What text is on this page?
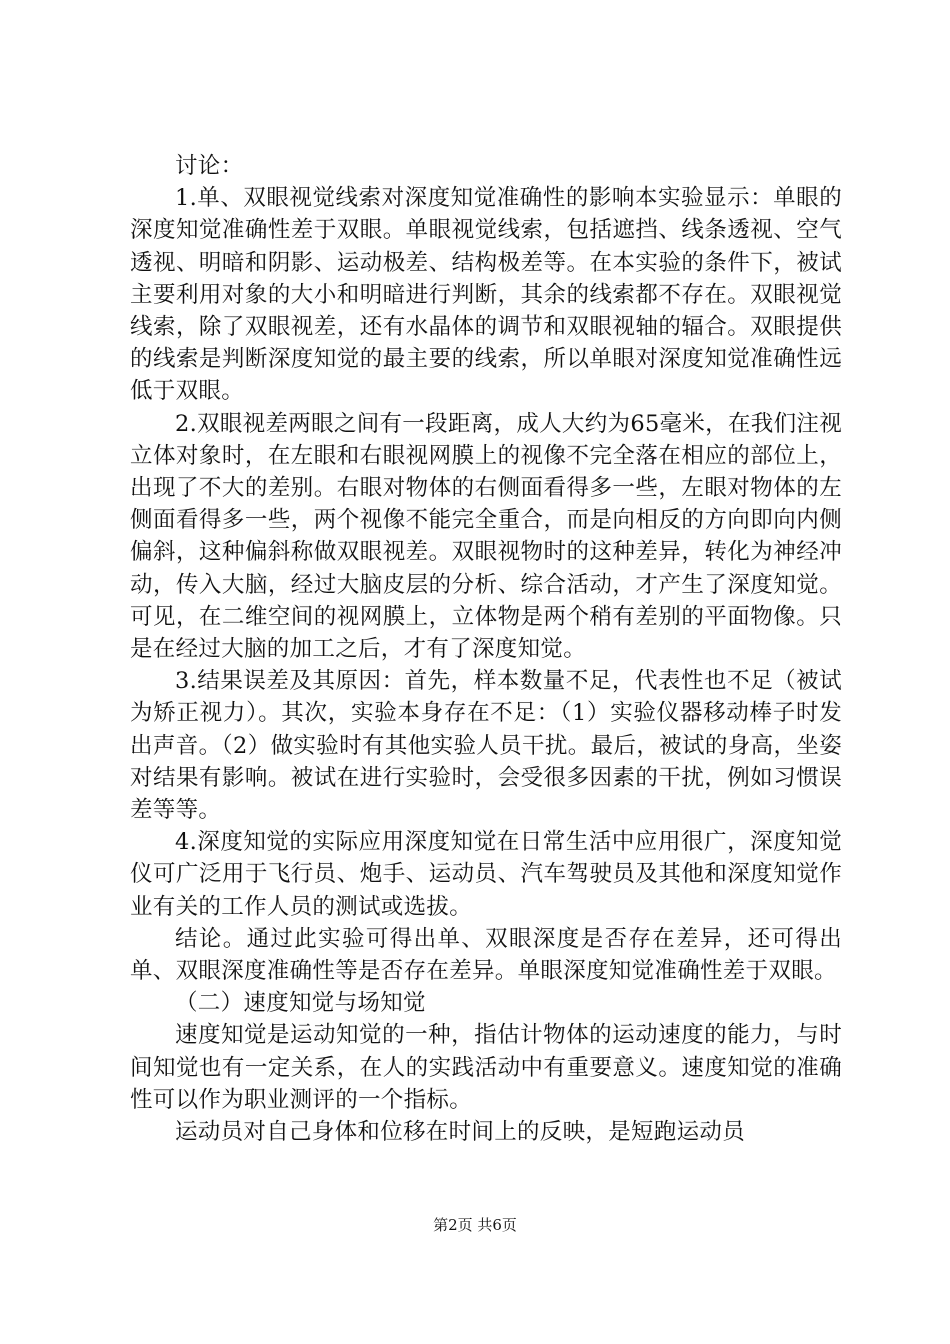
讨论：

1.单、双眼视觉线索对深度知觉准确性的影响本实验显示：单眼的深度知觉准确性差于双眼。单眼视觉线索，包括遮挡、线条透视、空气透视、明暗和阴影、运动极差、结构极差等。在本实验的条件下，被试主要利用对象的大小和明暗进行判断，其余的线索都不存在。双眼视觉线索，除了双眼视差，还有水晶体的调节和双眼视轴的辐合。双眼提供的线索是判断深度知觉的最主要的线索，所以单眼对深度知觉准确性远低于双眼。

2.双眼视差两眼之间有一段距离，成人大约为65毫米，在我们注视立体对象时，在左眼和右眼视网膜上的视像不完全落在相应的部位上，出现了不大的差别。右眼对物体的右侧面看得多一些，左眼对物体的左侧面看得多一些，两个视像不能完全重合，而是向相反的方向即向内侧偏斜，这种偏斜称做双眼视差。双眼视物时的这种差异，转化为神经冲动，传入大脑，经过大脑皮层的分析、综合活动，才产生了深度知觉。可见，在二维空间的视网膜上，立体物是两个稍有差别的平面物像。只是在经过大脑的加工之后，才有了深度知觉。

3.结果误差及其原因：首先，样本数量不足，代表性也不足（被试为矫正视力）。其次，实验本身存在不足：（1）实验仪器移动棒子时发出声音。（2）做实验时有其他实验人员干扰。最后，被试的身高，坐姿对结果有影响。被试在进行实验时，会受很多因素的干扰，例如习惯误差等等。

4.深度知觉的实际应用深度知觉在日常生活中应用很广，深度知觉仪可广泛用于飞行员、炮手、运动员、汽车驾驶员及其他和深度知觉作业有关的工作人员的测试或选拔。

结论。通过此实验可得出单、双眼深度是否存在差异，还可得出单、双眼深度准确性等是否存在差异。单眼深度知觉准确性差于双眼。

（二）速度知觉与场知觉

速度知觉是运动知觉的一种，指估计物体的运动速度的能力，与时间知觉也有一定关系，在人的实践活动中有重要意义。速度知觉的准确性可以作为职业测评的一个指标。

运动员对自己身体和位移在时间上的反映，是短跑运动员

第2页 共6页
